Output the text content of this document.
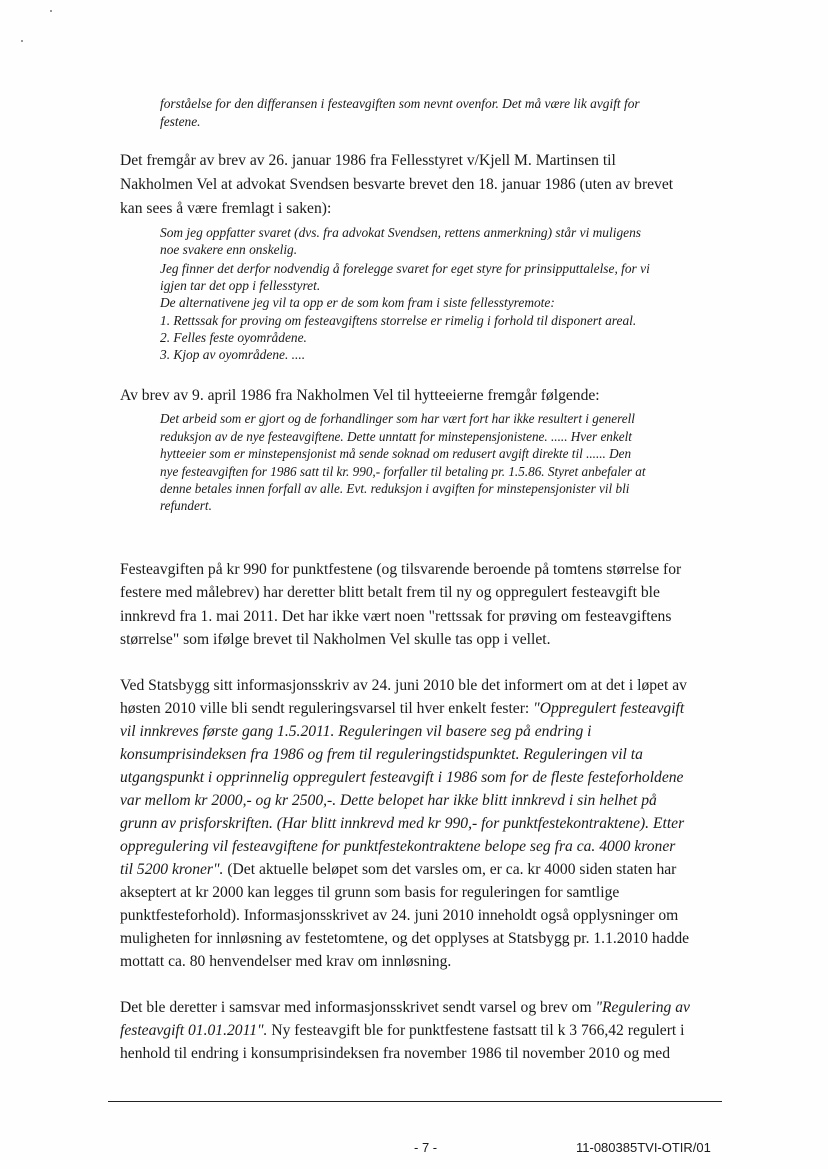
forståelse for den differansen i festeavgiften som nevnt ovenfor. Det må være lik avgift for
festene.
Det fremgår av brev av 26. januar 1986 fra Fellesstyret v/Kjell M. Martinsen til
Nakholmen Vel at advokat Svendsen besvarte brevet den 18. januar 1986 (uten av brevet
kan sees å være fremlagt i saken):
Som jeg oppfatter svaret (dvs. fra advokat Svendsen, rettens anmerkning) står vi muligens
noe svakere enn onskelig.
Jeg finner det derfor nodvendig å forelegge svaret for eget styre for prinsipputtalelse, for vi
igjen tar det opp i fellesstyret.
De alternativene jeg vil ta opp er de som kom fram i siste fellesstyremote:
1. Rettssak for proving om festeavgiftens storrelse er rimelig i forhold til disponert areal.
2. Felles feste oyområdene.
3. Kjop av oyområdene. ....
Av brev av 9. april 1986 fra Nakholmen Vel til hytteeierne fremgår følgende:
Det arbeid som er gjort og de forhandlinger som har vært fort har ikke resultert i generell
reduksjon av de nye festeavgiftene. Dette unntatt for minstepensjonistene. ..... Hver enkelt
hytteeier som er minstepensjonist må sende soknad om redusert avgift direkte til ...... Den
nye festeavgiften for 1986 satt til kr. 990,- forfaller til betaling pr. 1.5.86. Styret anbefaler at
denne betales innen forfall av alle. Evt. reduksjon i avgiften for minstepensjonister vil bli
refundert.
Festeavgiften på kr 990 for punktfestene (og tilsvarende beroende på tomtens størrelse for
festere med målebrev) har deretter blitt betalt frem til ny og oppregulert festeavgift ble
innkrevd fra 1. mai 2011. Det har ikke vært noen "rettssak for prøving om festeavgiftens
størrelse" som ifølge brevet til Nakholmen Vel skulle tas opp i vellet.
Ved Statsbygg sitt informasjonsskriv av 24. juni 2010 ble det informert om at det i løpet av
høsten 2010 ville bli sendt reguleringsvarsel til hver enkelt fester: "Oppregulert festeavgift
vil innkreves første gang 1.5.2011. Reguleringen vil basere seg på endring i
konsumprisindeksen fra 1986 og frem til reguleringstidspunktet. Reguleringen vil ta
utgangspunkt i opprinnelig oppregulert festeavgift i 1986 som for de fleste festeforholdene
var mellom kr 2000,- og kr 2500,-. Dette belopet har ikke blitt innkrevd i sin helhet på
grunn av prisforskriften. (Har blitt innkrevd med kr 990,- for punktfestekontraktene). Etter
oppregulering vil festeavgiftene for punktfestekontraktene belope seg fra ca. 4000 kroner
til 5200 kroner". (Det aktuelle beløpet som det varsles om, er ca. kr 4000 siden staten har
akseptert at kr 2000 kan legges til grunn som basis for reguleringen for samtlige
punktfesteforhold). Informasjonsskrivet av 24. juni 2010 inneholdt også opplysninger om
muligheten for innløsning av festetomtene, og det opplyses at Statsbygg pr. 1.1.2010 hadde
mottatt ca. 80 henvendelser med krav om innløsning.
Det ble deretter i samsvar med informasjonsskrivet sendt varsel og brev om "Regulering av
festeavgift 01.01.2011". Ny festeavgift ble for punktfestene fastsatt til k 3 766,42 regulert i
henhold til endring i konsumprisindeksen fra november 1986 til november 2010 og med
- 7 -	11-080385TVI-OTIR/01
